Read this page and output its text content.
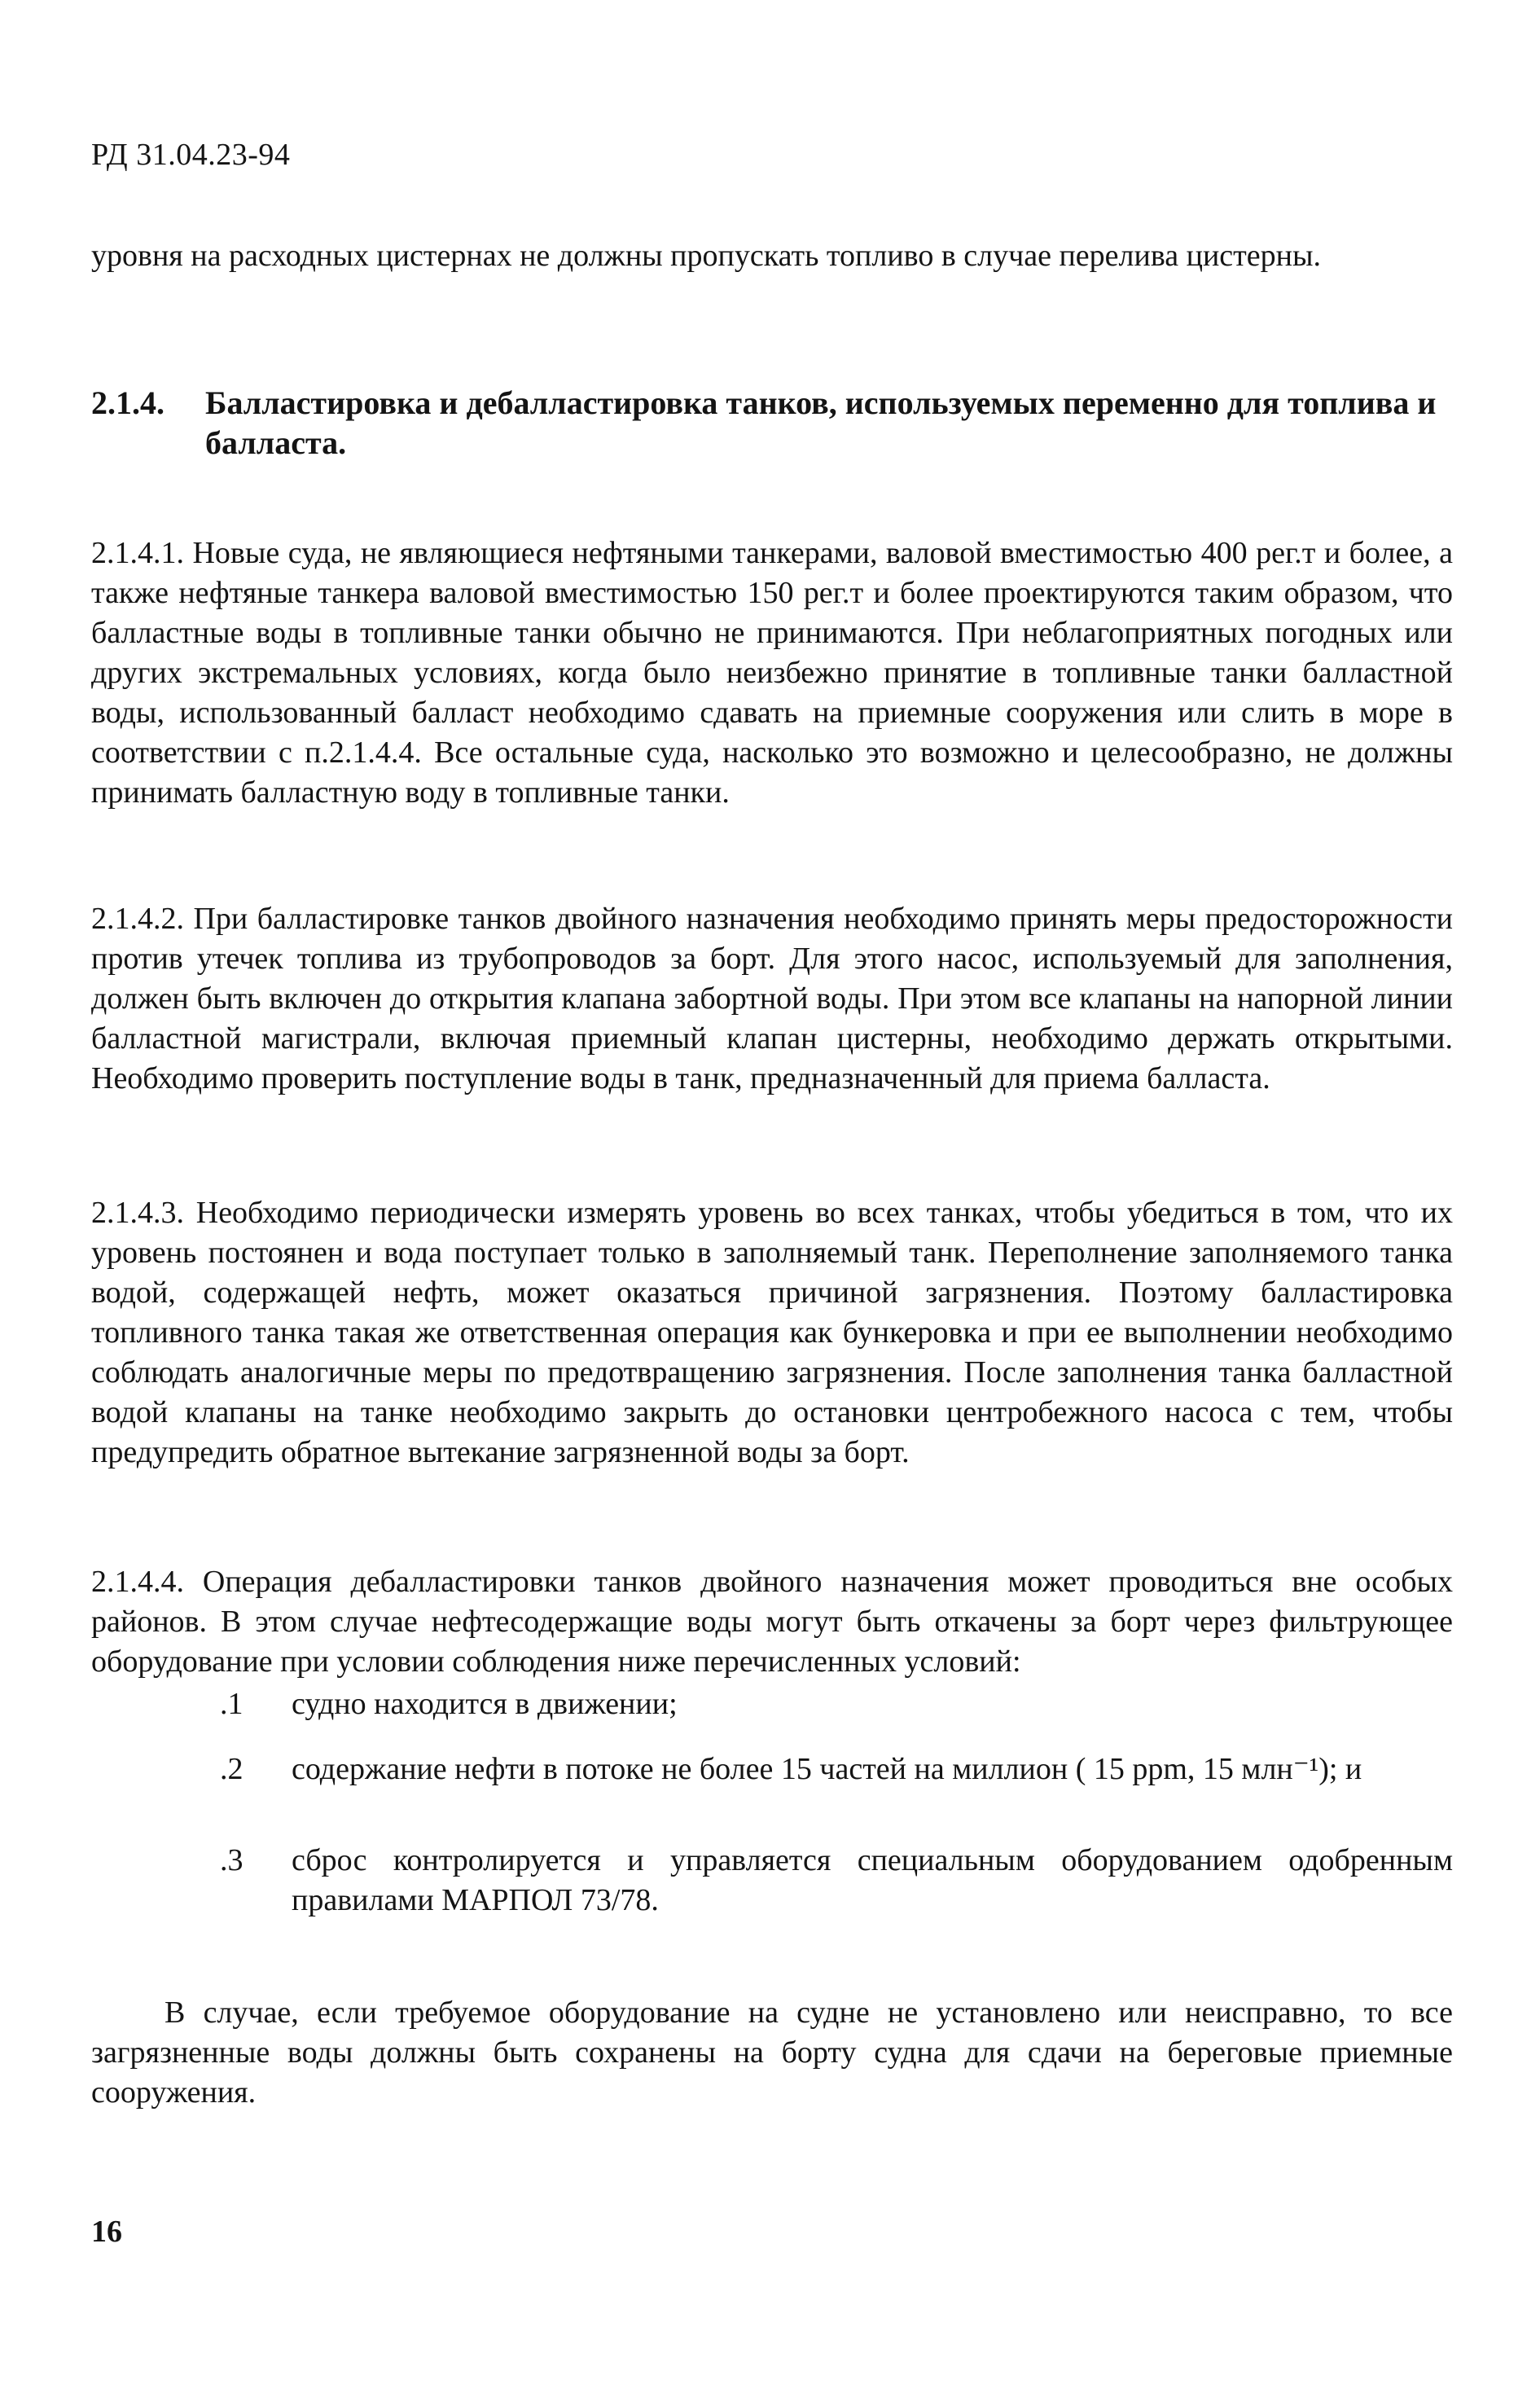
РД 31.04.23-94
уровня на расходных цистернах не должны пропускать топливо в случае перелива цистерны.
2.1.4. Балластировка и дебалластировка танков, используемых переменно для топлива и балласта.
2.1.4.1. Новые суда, не являющиеся нефтяными танкерами, валовой вместимостью 400 рег.т и более, а также нефтяные танкера валовой вместимостью 150 рег.т и более проектируются таким образом, что балластные воды в топливные танки обычно не принимаются. При неблагоприятных погодных или других экстремальных условиях, когда было неизбежно принятие в топливные танки балластной воды, использованный балласт необходимо сдавать на приемные сооружения или слить в море в соответствии с п.2.1.4.4. Все остальные суда, насколько это возможно и целесообразно, не должны принимать балластную воду в топливные танки.
2.1.4.2. При балластировке танков двойного назначения необходимо принять меры предосторожности против утечек топлива из трубопроводов за борт. Для этого насос, используемый для заполнения, должен быть включен до открытия клапана забортной воды. При этом все клапаны на напорной линии балластной магистрали, включая приемный клапан цистерны, необходимо держать открытыми. Необходимо проверить поступление воды в танк, предназначенный для приема балласта.
2.1.4.3. Необходимо периодически измерять уровень во всех танках, чтобы убедиться в том, что их уровень постоянен и вода поступает только в заполняемый танк. Переполнение заполняемого танка водой, содержащей нефть, может оказаться причиной загрязнения. Поэтому балластировка топливного танка такая же ответственная операция как бункеровка и при ее выполнении необходимо соблюдать аналогичные меры по предотвращению загрязнения. После заполнения танка балластной водой клапаны на танке необходимо закрыть до остановки центробежного насоса с тем, чтобы предупредить обратное вытекание загрязненной воды за борт.
2.1.4.4. Операция дебалластировки танков двойного назначения может проводиться вне особых районов. В этом случае нефтесодержащие воды могут быть откачены за борт через фильтрующее оборудование при условии соблюдения ниже перечисленных условий:
.1	судно находится в движении;
.2	содержание нефти в потоке не более 15 частей на миллион ( 15 ppm, 15 млн⁻¹); и
.3	сброс контролируется и управляется специальным оборудованием одобренным правилами МАРПОЛ 73/78.
В случае, если требуемое оборудование на судне не установлено или неисправно, то все загрязненные воды должны быть сохранены на борту судна для сдачи на береговые приемные сооружения.
16
